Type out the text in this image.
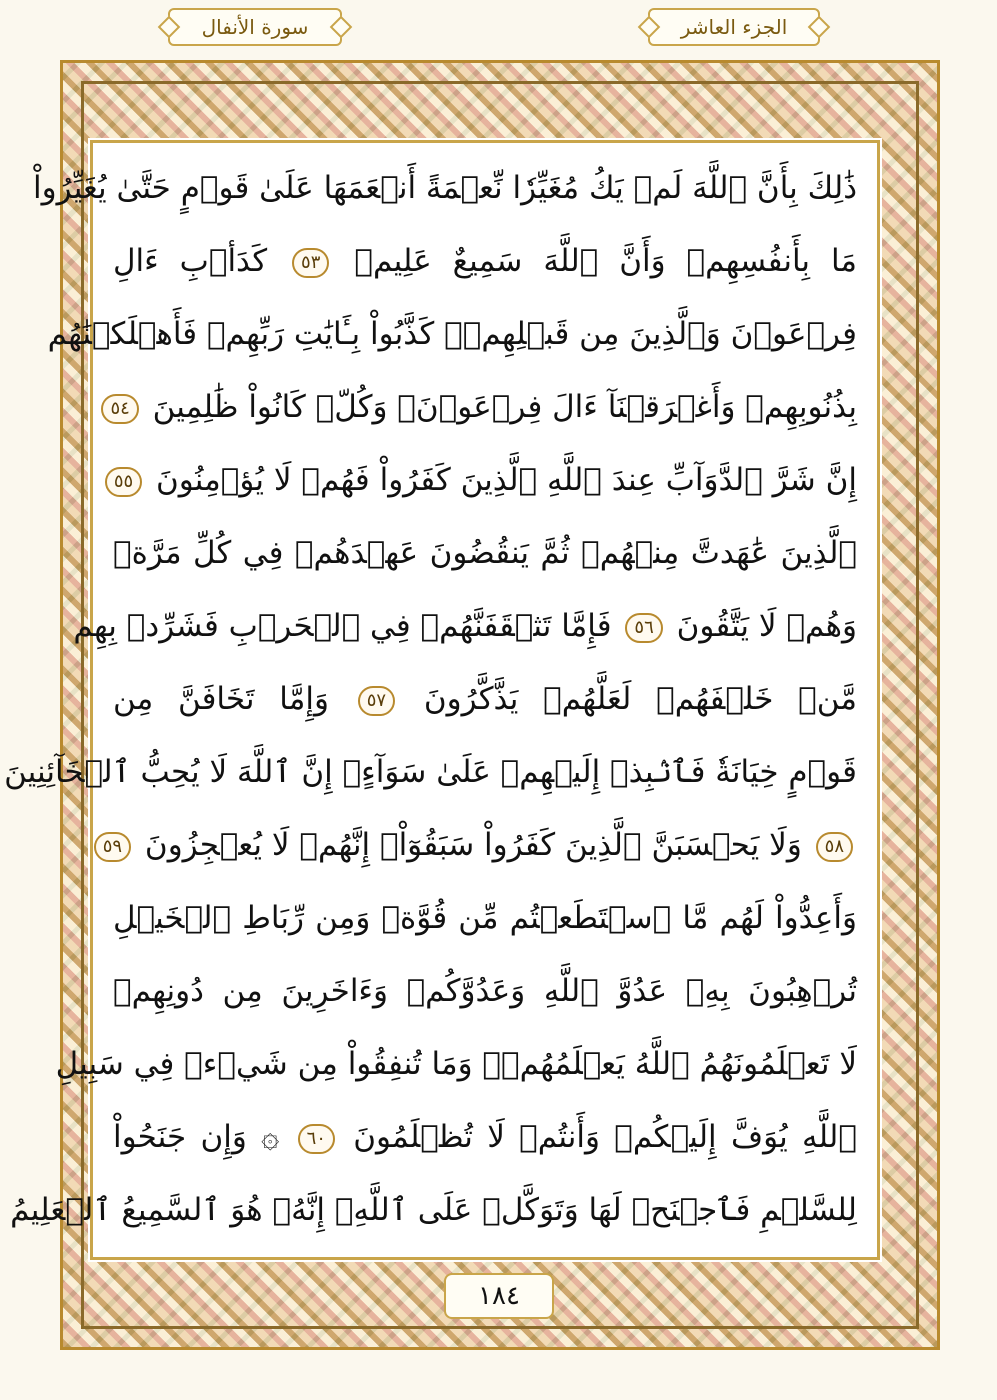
سورة الأنفال	الجزء العاشر
ذَٰلِكَ بِأَنَّ ٱللَّهَ لَمۡ يَكُ مُغَيِّرٗا نِّعۡمَةً أَنۡعَمَهَا عَلَىٰ قَوۡمٍ حَتَّىٰ يُغَيِّرُواْ
مَا بِأَنفُسِهِمۡ وَأَنَّ ٱللَّهَ سَمِيعٌ عَلِيمٞ ٥٣ كَدَأۡبِ ءَالِ
فِرۡعَوۡنَ وَٱلَّذِينَ مِن قَبۡلِهِمۡۚ كَذَّبُواْ بِـَٔايَٰتِ رَبِّهِمۡ فَأَهۡلَكۡنَٰهُم
بِذُنُوبِهِمۡ وَأَغۡرَقۡنَآ ءَالَ فِرۡعَوۡنَۚ وَكُلّٞ كَانُواْ ظَٰلِمِينَ ٥٤
إِنَّ شَرَّ ٱلدَّوَآبِّ عِندَ ٱللَّهِ ٱلَّذِينَ كَفَرُواْ فَهُمۡ لَا يُؤۡمِنُونَ ٥٥
ٱلَّذِينَ عَٰهَدتَّ مِنۡهُمۡ ثُمَّ يَنقُضُونَ عَهۡدَهُمۡ فِي كُلِّ مَرَّةٖ
وَهُمۡ لَا يَتَّقُونَ ٥٦ فَإِمَّا تَثۡقَفَنَّهُمۡ فِي ٱلۡحَرۡبِ فَشَرِّدۡ بِهِم
مَّنۡ خَلۡفَهُمۡ لَعَلَّهُمۡ يَذَّكَّرُونَ ٥٧ وَإِمَّا تَخَافَنَّ مِن
قَوۡمٍ خِيَانَةٗ فَٱنۢبِذۡ إِلَيۡهِمۡ عَلَىٰ سَوَآءٍۚ إِنَّ ٱللَّهَ لَا يُحِبُّ ٱلۡخَآئِنِينَ
٥٨ وَلَا يَحۡسَبَنَّ ٱلَّذِينَ كَفَرُواْ سَبَقُوٓاْۚ إِنَّهُمۡ لَا يُعۡجِزُونَ ٥٩
وَأَعِدُّواْ لَهُم مَّا ٱسۡتَطَعۡتُم مِّن قُوَّةٖ وَمِن رِّبَاطِ ٱلۡخَيۡلِ
تُرۡهِبُونَ بِهِۦ عَدُوَّ ٱللَّهِ وَعَدُوَّكُمۡ وَءَاخَرِينَ مِن دُونِهِمۡ
لَا تَعۡلَمُونَهُمُ ٱللَّهُ يَعۡلَمُهُمۡۚ وَمَا تُنفِقُواْ مِن شَيۡءٖ فِي سَبِيلِ
ٱللَّهِ يُوَفَّ إِلَيۡكُمۡ وَأَنتُمۡ لَا تُظۡلَمُونَ ٦٠ ۞ وَإِن جَنَحُواْ
لِلسَّلۡمِ فَٱجۡنَحۡ لَهَا وَتَوَكَّلۡ عَلَى ٱللَّهِۚ إِنَّهُۥ هُوَ ٱلسَّمِيعُ ٱلۡعَلِيمُ
١٨٤
